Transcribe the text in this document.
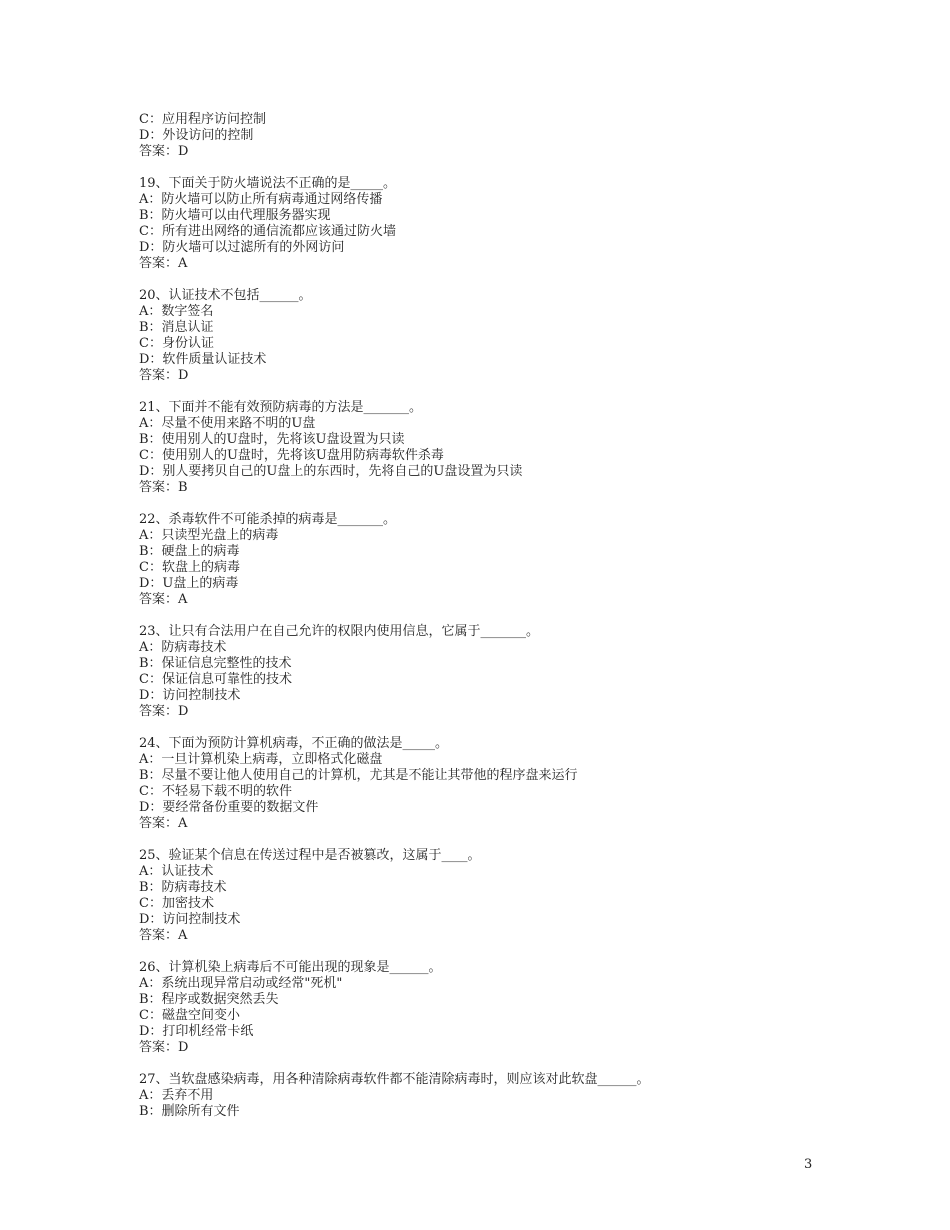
C：应用程序访问控制
D：外设访问的控制
答案：D
19、下面关于防火墙说法不正确的是_____。
A：防火墙可以防止所有病毒通过网络传播
B：防火墙可以由代理服务器实现
C：所有进出网络的通信流都应该通过防火墙
D：防火墙可以过滤所有的外网访问
答案：A
20、认证技术不包括______。
A：数字签名
B：消息认证
C：身份认证
D：软件质量认证技术
答案：D
21、下面并不能有效预防病毒的方法是_______。
A：尽量不使用来路不明的U盘
B：使用别人的U盘时，先将该U盘设置为只读
C：使用别人的U盘时，先将该U盘用防病毒软件杀毒
D：别人要拷贝自己的U盘上的东西时，先将自己的U盘设置为只读
答案：B
22、杀毒软件不可能杀掉的病毒是_______。
A：只读型光盘上的病毒
B：硬盘上的病毒
C：软盘上的病毒
D：U盘上的病毒
答案：A
23、让只有合法用户在自己允许的权限内使用信息，它属于_______。
A：防病毒技术
B：保证信息完整性的技术
C：保证信息可靠性的技术
D：访问控制技术
答案：D
24、下面为预防计算机病毒，不正确的做法是_____。
A：一旦计算机染上病毒，立即格式化磁盘
B：尽量不要让他人使用自己的计算机，尤其是不能让其带他的程序盘来运行
C：不轻易下载不明的软件
D：要经常备份重要的数据文件
答案：A
25、验证某个信息在传送过程中是否被篡改，这属于____。
A：认证技术
B：防病毒技术
C：加密技术
D：访问控制技术
答案：A
26、计算机染上病毒后不可能出现的现象是______。
A：系统出现异常启动或经常"死机"
B：程序或数据突然丢失
C：磁盘空间变小
D：打印机经常卡纸
答案：D
27、当软盘感染病毒，用各种清除病毒软件都不能清除病毒时，则应该对此软盘______。
A：丢弃不用
B：删除所有文件
3
